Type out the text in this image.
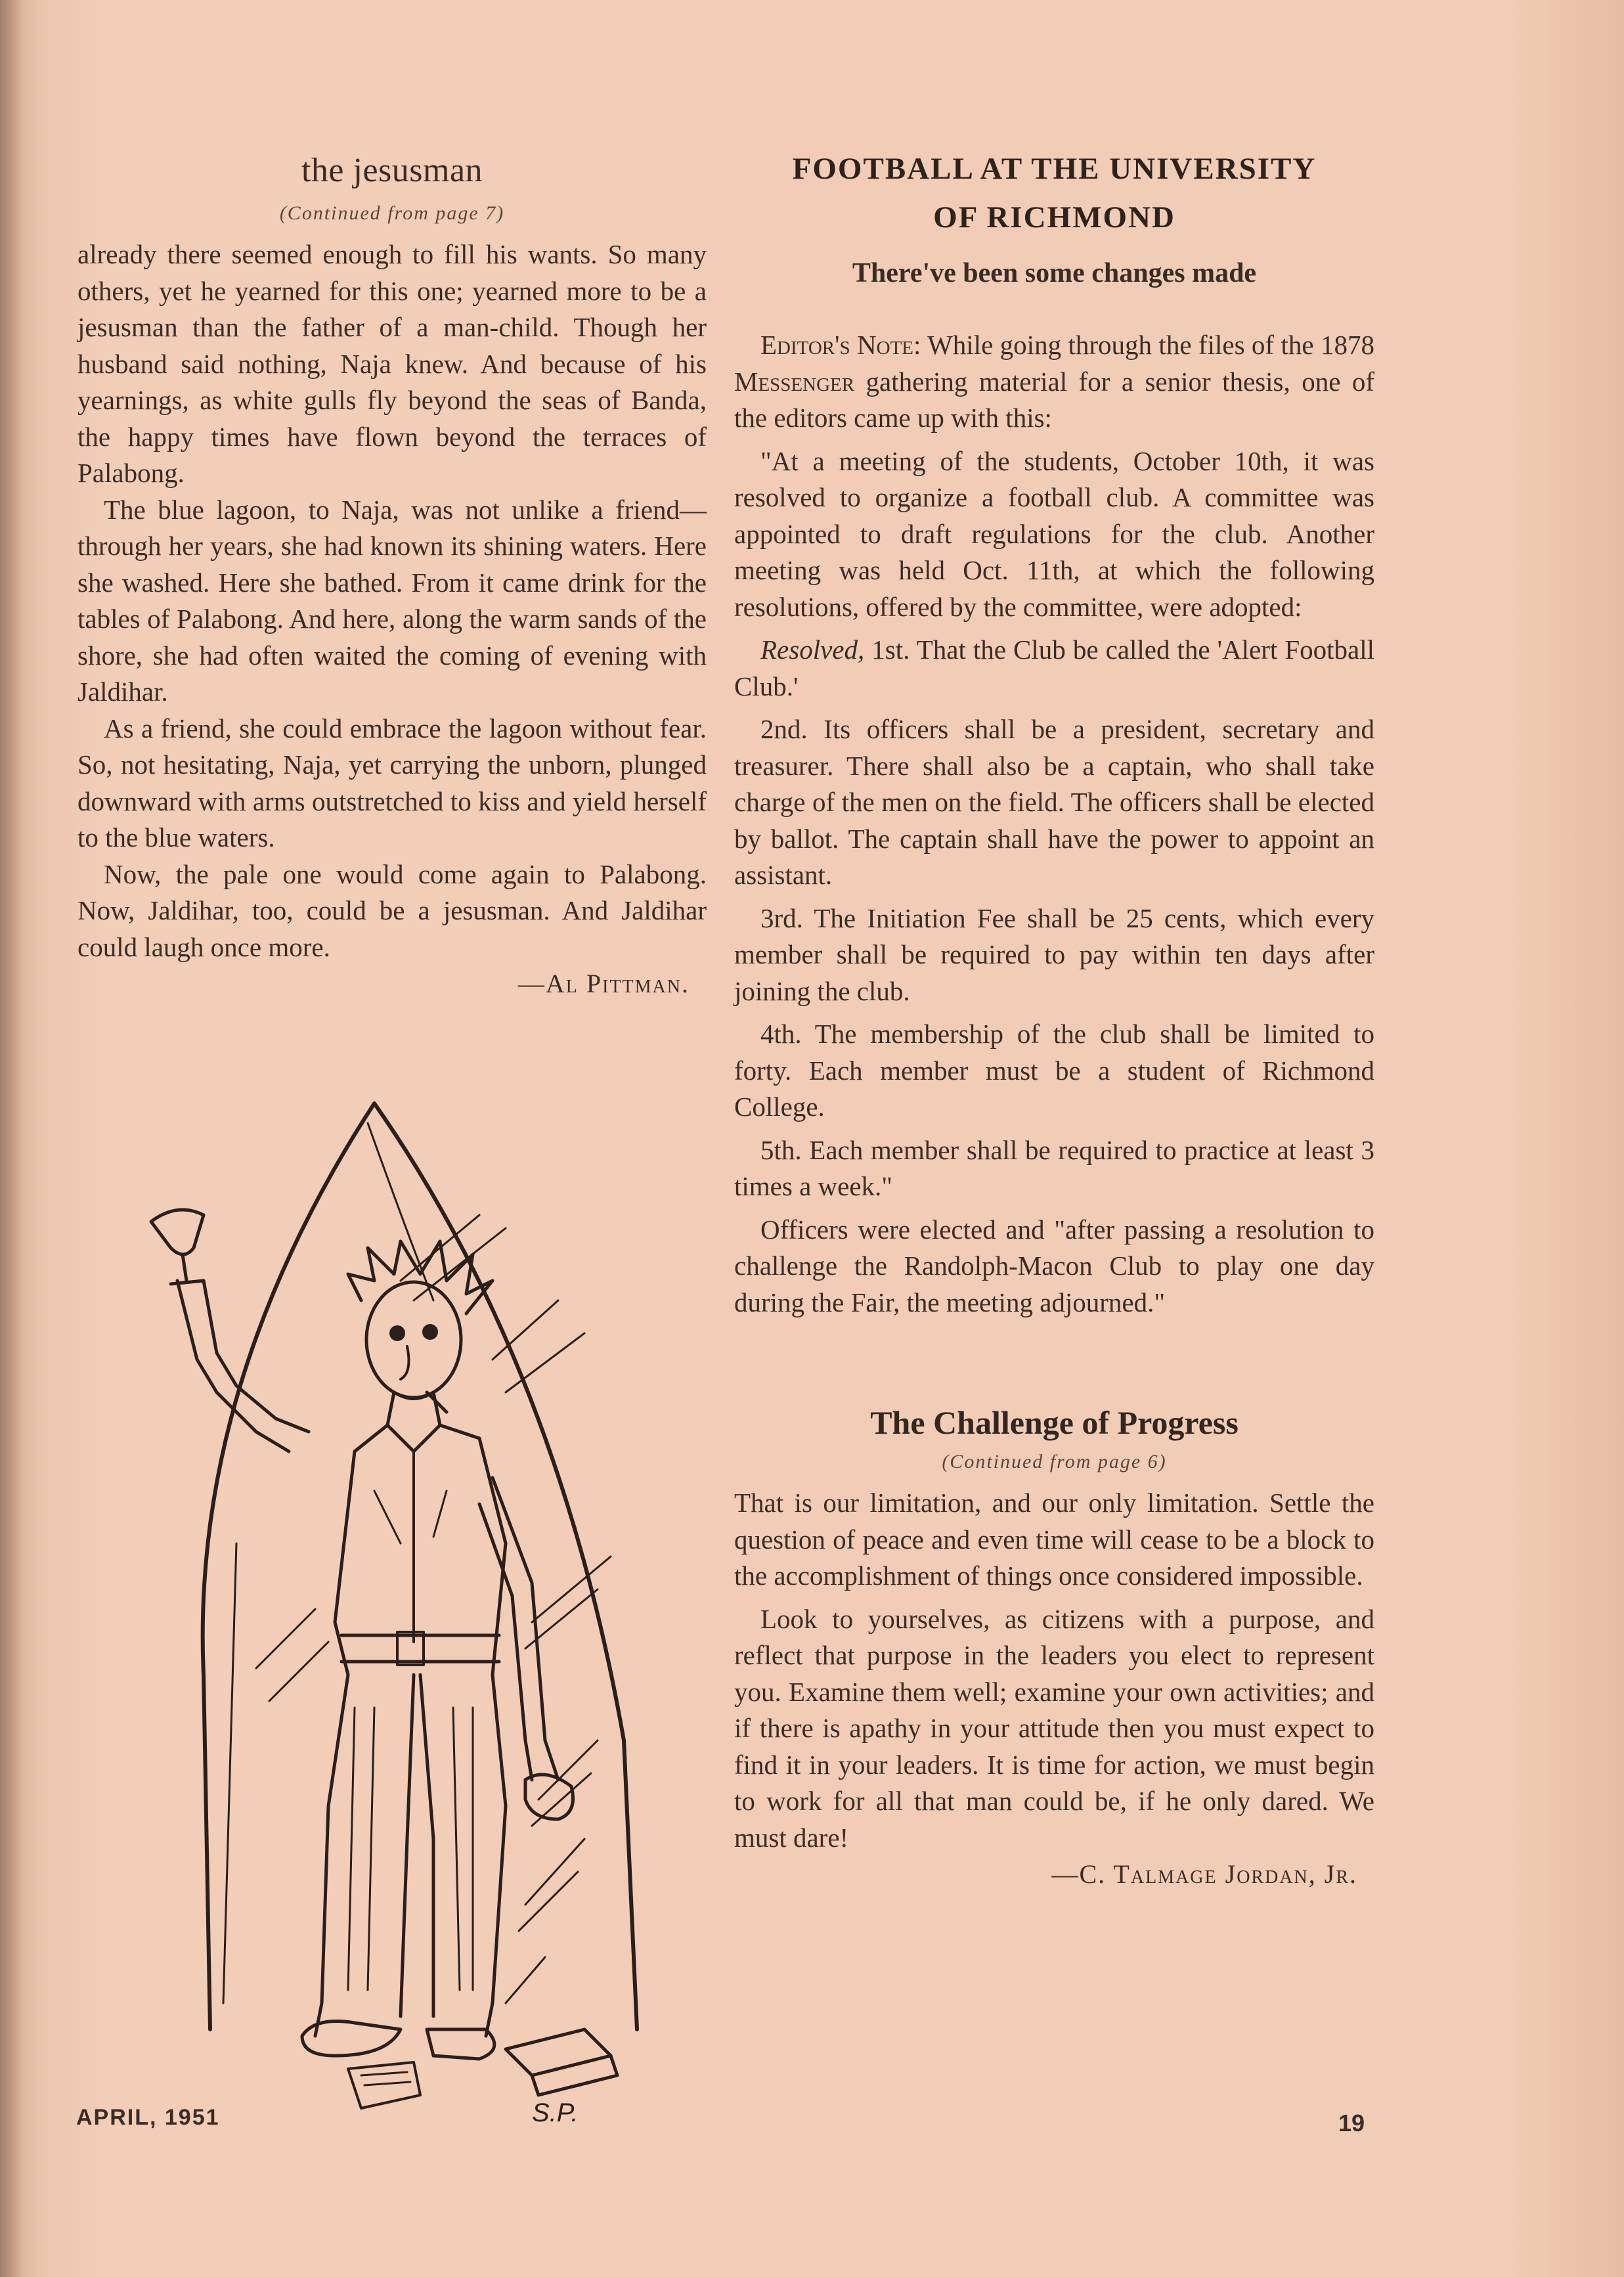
the jesusman

(Continued from page 7)

already there seemed enough to fill his wants. So many others, yet he yearned for this one; yearned more to be a jesusman than the father of a man-child. Though her husband said nothing, Naja knew. And because of his yearnings, as white gulls fly beyond the seas of Banda, the happy times have flown beyond the terraces of Palabong.

The blue lagoon, to Naja, was not unlike a friend—through her years, she had known its shining waters. Here she washed. Here she bathed. From it came drink for the tables of Palabong. And here, along the warm sands of the shore, she had often waited the coming of evening with Jaldihar.

As a friend, she could embrace the lagoon without fear. So, not hesitating, Naja, yet carrying the unborn, plunged downward with arms outstretched to kiss and yield herself to the blue waters.

Now, the pale one would come again to Palabong. Now, Jaldihar, too, could be a jesusman. And Jaldihar could laugh once more.

—Al Pittman.

S.P.
FOOTBALL AT THE UNIVERSITY
OF RICHMOND
There've been some changes made

Editor's Note: While going through the files of the 1878 Messenger gathering material for a senior thesis, one of the editors came up with this:

"At a meeting of the students, October 10th, it was resolved to organize a football club. A committee was appointed to draft regulations for the club. Another meeting was held Oct. 11th, at which the following resolutions, offered by the committee, were adopted:

Resolved, 1st. That the Club be called the 'Alert Football Club.'

2nd. Its officers shall be a president, secretary and treasurer. There shall also be a captain, who shall take charge of the men on the field. The officers shall be elected by ballot. The captain shall have the power to appoint an assistant.

3rd. The Initiation Fee shall be 25 cents, which every member shall be required to pay within ten days after joining the club.

4th. The membership of the club shall be limited to forty. Each member must be a student of Richmond College.

5th. Each member shall be required to practice at least 3 times a week."

Officers were elected and "after passing a resolution to challenge the Randolph-Macon Club to play one day during the Fair, the meeting adjourned."

The Challenge of Progress

(Continued from page 6)

That is our limitation, and our only limitation. Settle the question of peace and even time will cease to be a block to the accomplishment of things once considered impossible.

Look to yourselves, as citizens with a purpose, and reflect that purpose in the leaders you elect to represent you. Examine them well; examine your own activities; and if there is apathy in your attitude then you must expect to find it in your leaders. It is time for action, we must begin to work for all that man could be, if he only dared. We must dare!

—C. Talmage Jordan, Jr.

APRIL, 1951	19
